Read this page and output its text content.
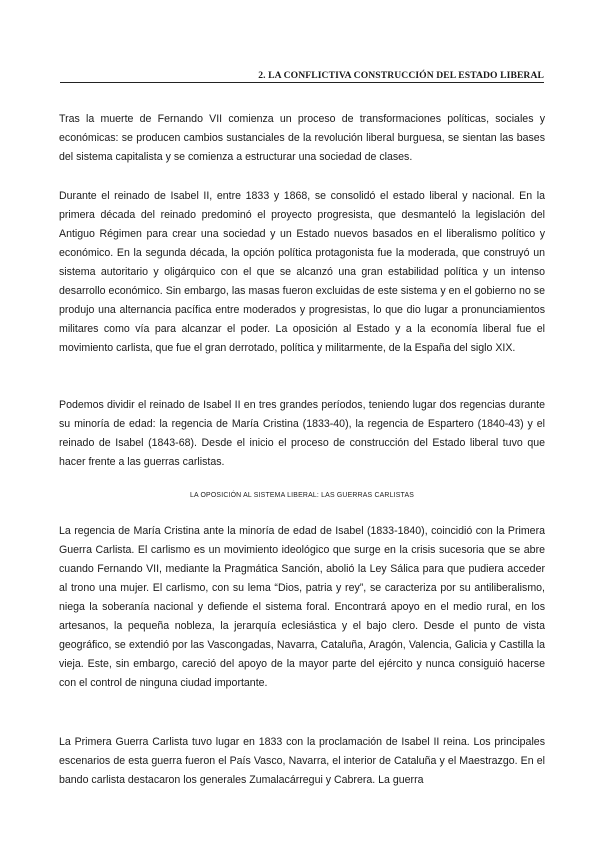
2. LA CONFLICTIVA CONSTRUCCIÓN DEL ESTADO LIBERAL

Tras la muerte de Fernando VII comienza un proceso de transformaciones políticas, sociales y económicas: se producen cambios sustanciales de la revolución liberal burguesa, se sientan las bases del sistema capitalista y se comienza a estructurar una sociedad de clases.

Durante el reinado de Isabel II, entre 1833 y 1868, se consolidó el estado liberal y nacional. En la primera década del reinado predominó el proyecto progresista, que desmanteló la legislación del Antiguo Régimen para crear una sociedad y un Estado nuevos basados en el liberalismo político y económico. En la segunda década, la opción política protagonista fue la moderada, que construyó un sistema autoritario y oligárquico con el que se alcanzó una gran estabilidad política y un intenso desarrollo económico. Sin embargo, las masas fueron excluidas de este sistema y en el gobierno no se produjo una alternancia pacífica entre moderados y progresistas, lo que dio lugar a pronunciamientos militares como vía para alcanzar el poder. La oposición al Estado y a la economía liberal fue el movimiento carlista, que fue el gran derrotado, política y militarmente, de la España del siglo XIX.

Podemos dividir el reinado de Isabel II en tres grandes períodos, teniendo lugar dos regencias durante su minoría de edad: la regencia de María Cristina (1833-40), la regencia de Espartero (1840-43) y el reinado de Isabel (1843-68). Desde el inicio el proceso de construcción del Estado liberal tuvo que hacer frente a las guerras carlistas.

LA OPOSICIÓN AL SISTEMA LIBERAL: LAS GUERRAS CARLISTAS

La regencia de María Cristina ante la minoría de edad de Isabel (1833-1840), coincidió con la Primera Guerra Carlista. El carlismo es un movimiento ideológico que surge en la crisis sucesoria que se abre cuando Fernando VII, mediante la Pragmática Sanción, abolió la Ley Sálica para que pudiera acceder al trono una mujer. El carlismo, con su lema “Dios, patria y rey”, se caracteriza por su antiliberalismo, niega la soberanía nacional y defiende el sistema foral. Encontrará apoyo en el medio rural, en los artesanos, la pequeña nobleza, la jerarquía eclesiástica y el bajo clero. Desde el punto de vista geográfico, se extendió por las Vascongadas, Navarra, Cataluña, Aragón, Valencia, Galicia y Castilla la vieja. Este, sin embargo, careció del apoyo de la mayor parte del ejército y nunca consiguió hacerse con el control de ninguna ciudad importante.

La Primera Guerra Carlista tuvo lugar en 1833 con la proclamación de Isabel II reina. Los principales escenarios de esta guerra fueron el País Vasco, Navarra, el interior de Cataluña y el Maestrazgo. En el bando carlista destacaron los generales Zumalacárregui y Cabrera. La guerra
